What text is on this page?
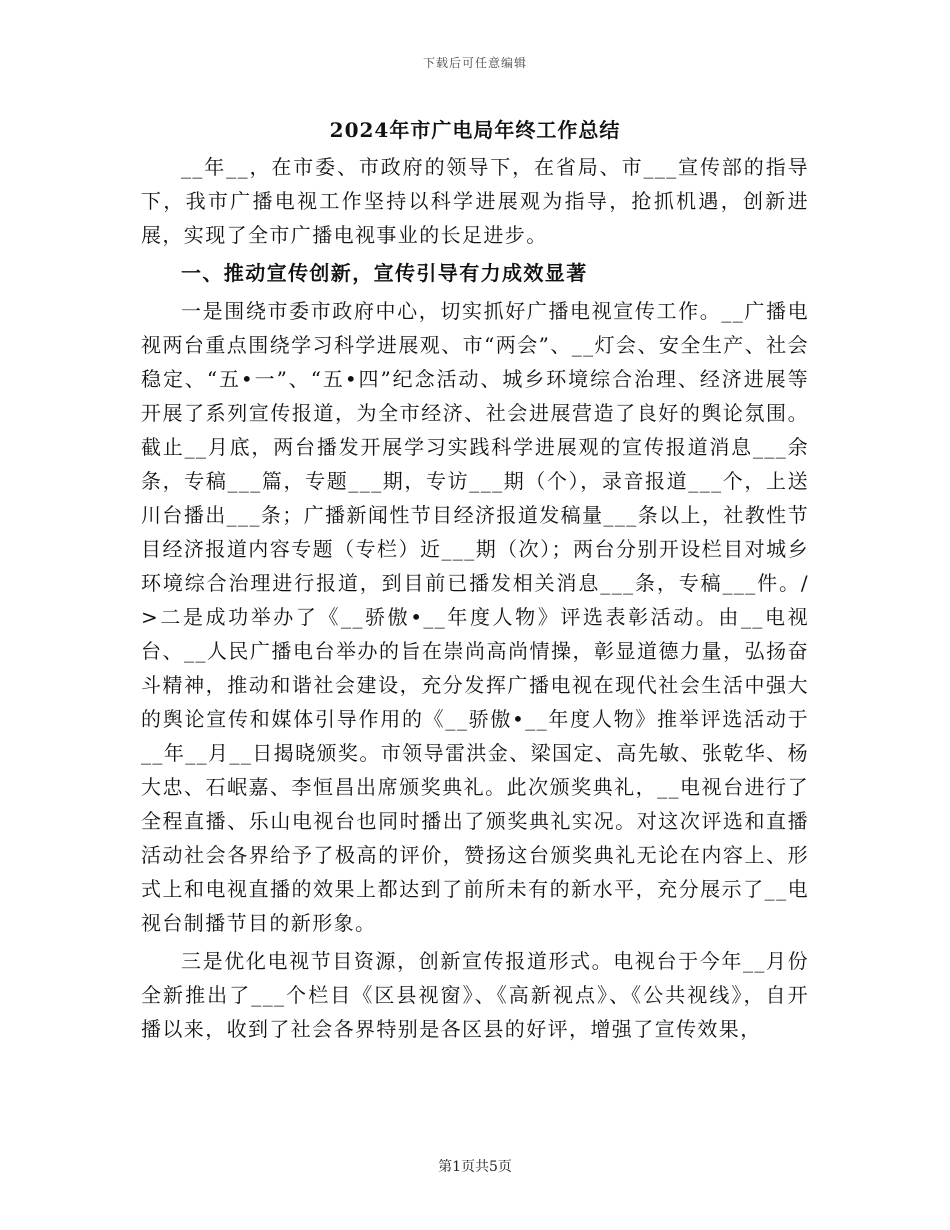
下载后可任意编辑
2024年市广电局年终工作总结

__年__，在市委、市政府的领导下，在省局、市___宣传部的指导下，我市广播电视工作坚持以科学进展观为指导，抢抓机遇，创新进展，实现了全市广播电视事业的长足进步。

一、推动宣传创新，宣传引导有力成效显著

一是围绕市委市政府中心，切实抓好广播电视宣传工作。__广播电视两台重点围绕学习科学进展观、市“两会”、__灯会、安全生产、社会稳定、“五•一”、“五•四”纪念活动、城乡环境综合治理、经济进展等开展了系列宣传报道，为全市经济、社会进展营造了良好的舆论氛围。截止__月底，两台播发开展学习实践科学进展观的宣传报道消息___余条，专稿___篇，专题___期，专访___期（个），录音报道___个，上送川台播出___条；广播新闻性节目经济报道发稿量___条以上，社教性节目经济报道内容专题（专栏）近___期（次）；两台分别开设栏目对城乡环境综合治理进行报道，到目前已播发相关消息___条，专稿___件。/>二是成功举办了《__骄傲•__年度人物》评选表彰活动。由__电视台、__人民广播电台举办的旨在崇尚高尚情操，彰显道德力量，弘扬奋斗精神，推动和谐社会建设，充分发挥广播电视在现代社会生活中强大的舆论宣传和媒体引导作用的《__骄傲•__年度人物》推举评选活动于__年__月__日揭晓颁奖。市领导雷洪金、梁国定、高先敏、张乾华、杨大忠、石岷嘉、李恒昌出席颁奖典礼。此次颁奖典礼，__电视台进行了全程直播、乐山电视台也同时播出了颁奖典礼实况。对这次评选和直播活动社会各界给予了极高的评价，赞扬这台颁奖典礼无论在内容上、形式上和电视直播的效果上都达到了前所未有的新水平，充分展示了__电视台制播节目的新形象。

三是优化电视节目资源，创新宣传报道形式。电视台于今年__月份全新推出了___个栏目《区县视窗》、《高新视点》、《公共视线》，自开播以来，收到了社会各界特别是各区县的好评，增强了宣传效果，

第1页共5页
